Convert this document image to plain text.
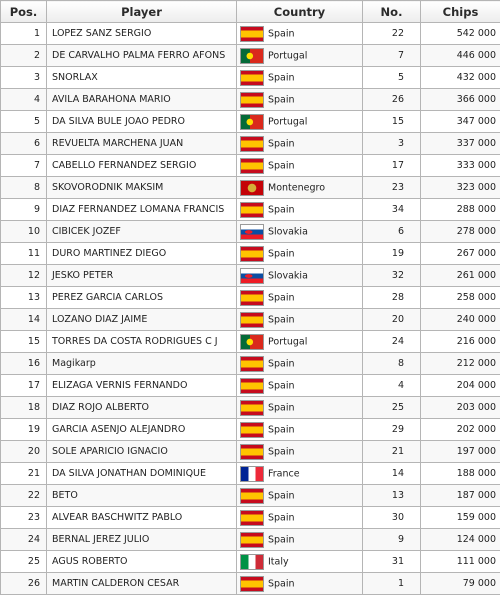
Pos.	Player	Country	No.	Chips
1	LOPEZ SANZ SERGIO	Spain	22	542 000
2	DE CARVALHO PALMA FERRO AFONS	Portugal	7	446 000
3	SNORLAX	Spain	5	432 000
4	AVILA BARAHONA MARIO	Spain	26	366 000
5	DA SILVA BULE JOAO PEDRO	Portugal	15	347 000
6	REVUELTA MARCHENA JUAN	Spain	3	337 000
7	CABELLO FERNANDEZ SERGIO	Spain	17	333 000
8	SKOVORODNIK MAKSIM	Montenegro	23	323 000
9	DIAZ FERNANDEZ LOMANA FRANCIS	Spain	34	288 000
10	CIBICEK JOZEF	Slovakia	6	278 000
11	DURO MARTINEZ DIEGO	Spain	19	267 000
12	JESKO PETER	Slovakia	32	261 000
13	PEREZ GARCIA CARLOS	Spain	28	258 000
14	LOZANO DIAZ JAIME	Spain	20	240 000
15	TORRES DA COSTA RODRIGUES C J	Portugal	24	216 000
16	Magikarp	Spain	8	212 000
17	ELIZAGA VERNIS FERNANDO	Spain	4	204 000
18	DIAZ ROJO ALBERTO	Spain	25	203 000
19	GARCIA ASENJO ALEJANDRO	Spain	29	202 000
20	SOLE APARICIO IGNACIO	Spain	21	197 000
21	DA SILVA JONATHAN DOMINIQUE	France	14	188 000
22	BETO	Spain	13	187 000
23	ALVEAR BASCHWITZ PABLO	Spain	30	159 000
24	BERNAL JEREZ JULIO	Spain	9	124 000
25	AGUS ROBERTO	Italy	31	111 000
26	MARTIN CALDERON CESAR	Spain	1	79 000
